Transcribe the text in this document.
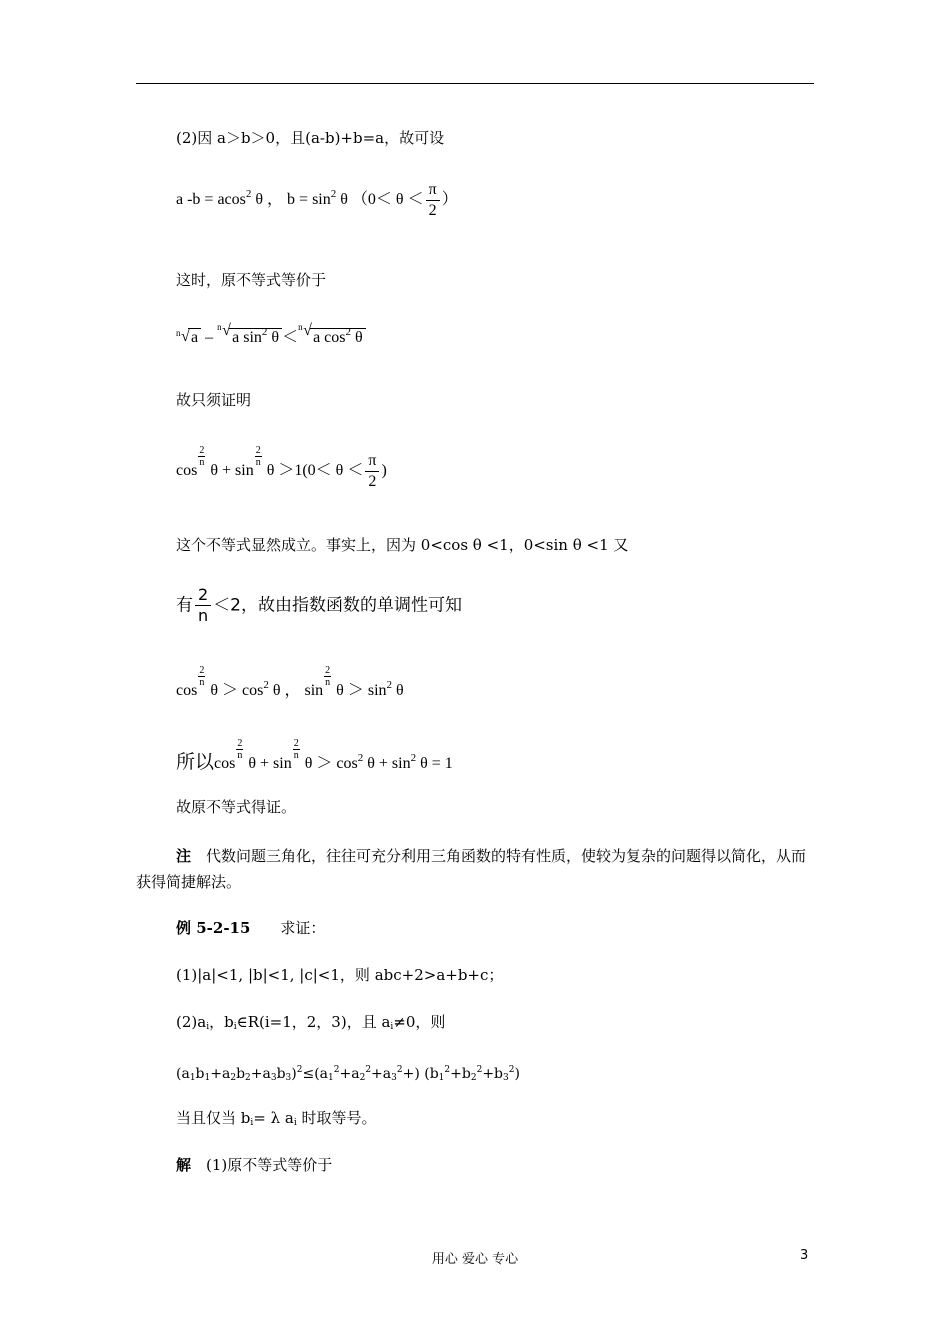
(2)因 a＞b＞0，且(a-b)+b=a，故可设
a -b = acos$^2$ θ ， $b = \sin^2 \theta$ （$0< \theta < \frac{\pi}{2}$ ）
这时，原不等式等价于
n √ a –
n √ a $\sin^2 \theta$ ＜
n √ a $\cos^2 \theta$
故只须证明
cos
$\frac{2}{n}$
θ + sin
$\frac{2}{n}$
$\theta >1(0< \theta < \frac{\pi}{2}$ )
这个不等式显然成立。事实上，因为 0<cos θ <1，0<sin θ <1 又
有 $\frac{2}{n} <2$，故由指数函数的单调性可知
cos
$\frac{2}{n}$
$\theta > \cos^2 \theta$ ， sin
$\frac{2}{n}$
$\theta > \sin^2 \theta$
所以cos
$\frac{2}{n}$
θ + sin
$\frac{2}{n}$
$\theta > \cos^2 \theta + \sin^2 \theta = 1$
故原不等式得证。
注　代数问题三角化，往往可充分利用三角函数的特有性质，使较为复杂的问题得以简化，从而获得简捷解法。
例 5-2-15　　求证：
(1)|a|<1, |b|<1, |c|<1，则 abc+2>a+b+c；
$(2)a_i$，$b_i\in R(i=1$，2，3)，且 $a_i\ne 0$，则
$(a_1b_1+a_2b_2+a_3b_3)^2\le(a_1^2+a_2^2+a_3^2+)$ $(b_1^2+b_2^2+b_3^2)$
当且仅当 $b_i= \lambda$ $a_i$ 时取等号。
解　(1)原不等式等价于
用心 爱心 专心	3
